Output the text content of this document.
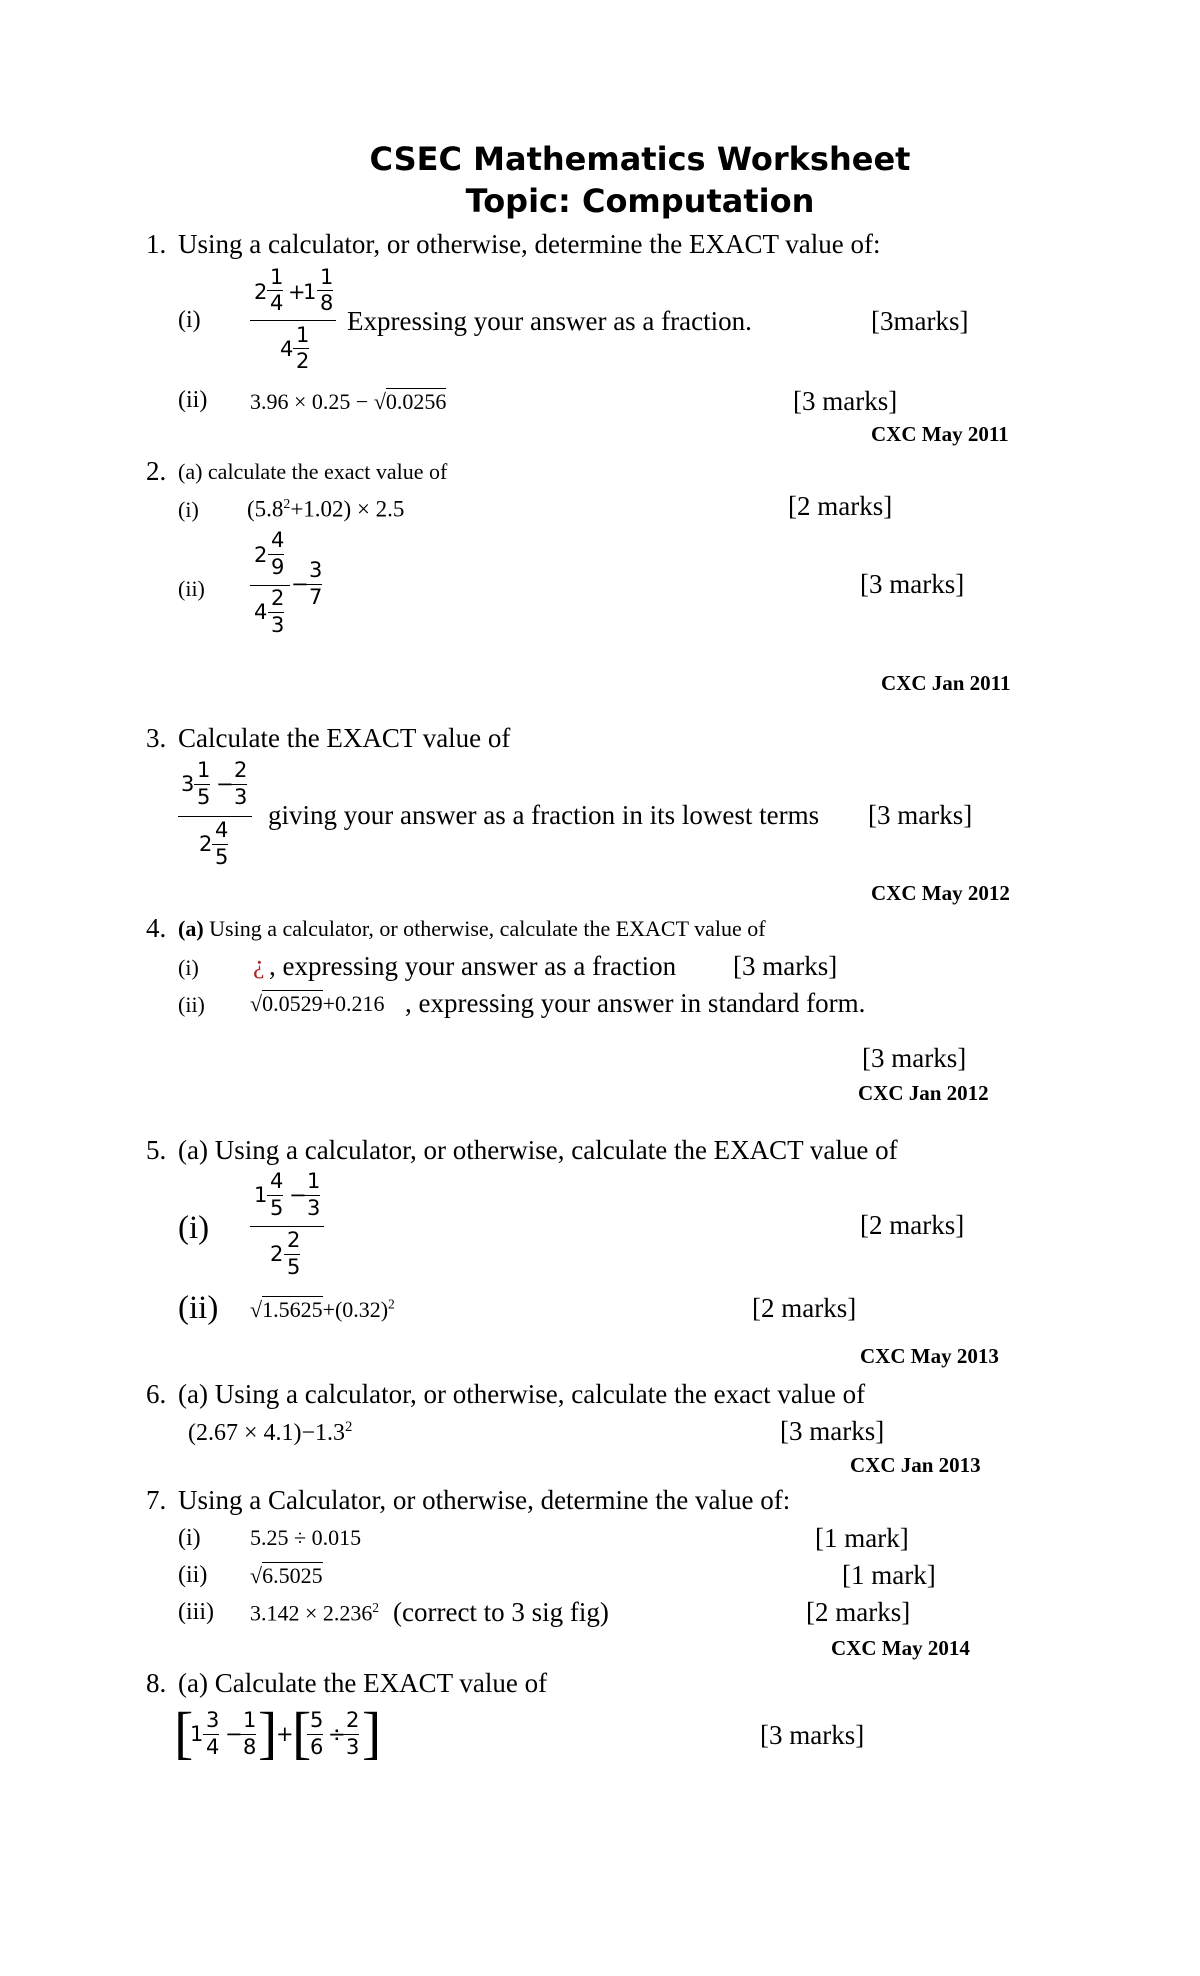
CSEC Mathematics Worksheet
Topic: Computation
1. Using a calculator, or otherwise, determine the EXACT value of:
(i)
2
1
4 +
1
1
8
4
1
2
Expressing your answer as a fraction.	[3marks]
(ii) 3.96 × 0.25 − √0.0256	[3 marks]
CXC May 2011
2. (a) calculate the exact value of
(i) $(5.8^2+1.02) \times 2.5$	[2 marks]
(ii)
2
4
9
4
2
3
−
3
7	[3 marks]
CXC Jan 2011
3. Calculate the EXACT value of
3
1
5
−
2
3
2
4
5
giving your answer as a fraction in its lowest terms [3 marks]
CXC May 2012
4. (a) Using a calculator, or otherwise, calculate the EXACT value of
(i) ¿ , expressing your answer as a fraction [3 marks]
(ii) √0.0529+0.216 , expressing your answer in standard form.
[3 marks]
CXC Jan 2012
5. (a) Using a calculator, or otherwise, calculate the EXACT value of
(i)
1
4
5
−
1
3
2
2
5
[2 marks]
(ii) $√1.5625+(0.32)^2$	[2 marks]
CXC May 2013
6. (a) Using a calculator, or otherwise, calculate the exact value of
$(2.67 \times 4.1)-1.3^2$	[3 marks]
CXC Jan 2013
7. Using a Calculator, or otherwise, determine the value of:
(i) 5.25 ÷ 0.015	[1 mark]
(ii) √6.5025	[1 mark]
(iii) $3.142 \times 2.236^2$ (correct to 3 sig fig)	[2 marks]
CXC May 2014
8. (a) Calculate the EXACT value of
[
1
3
4
−
1
8 ]
+
[
5
6
÷
2
3 ]	[3 marks]
